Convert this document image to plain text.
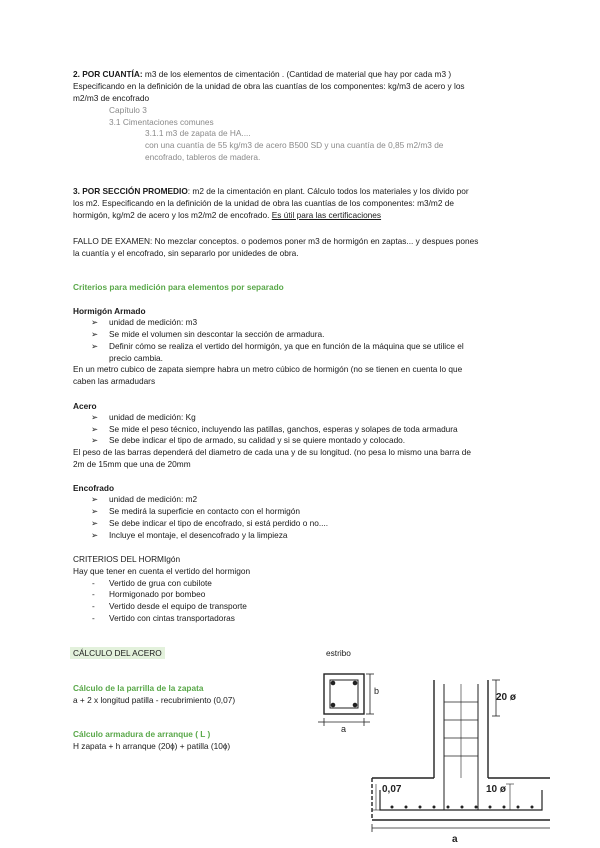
2. POR CUANTÍA: m3 de los elementos de cimentación . (Cantidad de material que hay por cada m3 )
Especificando en la definición de la unidad de obra las cuantías de los componentes: kg/m3 de acero y los
m2/m3 de encofrado
Capítulo 3
3.1 Cimentaciones comunes
3.1.1 m3 de zapata de HA....
con una cuantía de 55 kg/m3 de acero B500 SD y una cuantía de 0,85 m2/m3 de
encofrado, tableros de madera.
3. POR SECCIÓN PROMEDIO: m2 de la cimentación en plant. Cálculo todos los materiales y los divido por
los m2. Especificando en la definición de la unidad de obra las cuantías de los componentes: m3/m2 de
hormigón, kg/m2 de acero y los m2/m2 de encofrado. Es útil para las certificaciones
FALLO DE EXAMEN: No mezclar conceptos. o podemos poner m3 de hormigón en zaptas... y despues pones
la cuantía y el encofrado, sin separarlo por unidedes de obra.
Criterios para medición para elementos por separado
Hormigón Armado
➢ unidad de medición: m3
➢ Se mide el volumen sin descontar la sección de armadura.
➢ Definir cómo se realiza el vertido del hormigón, ya que en función de la máquina que se utilice el
precio cambia.
En un metro cubico de zapata siempre habra un metro cúbico de hormigón (no se tienen en cuenta lo que
caben las armadudars
Acero
➢ unidad de medición: Kg
➢ Se mide el peso técnico, incluyendo las patillas, ganchos, esperas y solapes de toda armadura
➢ Se debe indicar el tipo de armado, su calidad y si se quiere montado y colocado.
El peso de las barras dependerá del diametro de cada una y de su longitud. (no pesa lo mismo una barra de
2m de 15mm que una de 20mm
Encofrado
➢ unidad de medición: m2
➢ Se medirá la superficie en contacto con el hormigón
➢ Se debe indicar el tipo de encofrado, si está perdido o no....
➢ Incluye el montaje, el desencofrado y la limpieza
CRITERIOS DEL HORMIgón
Hay que tener en cuenta el vertido del hormigon
- Vertido de grua con cubilote
- Hormigonado por bombeo
- Vertido desde el equipo de transporte
- Vertido con cintas transportadoras
CÁLCULO DEL ACERO
Cálculo de la parrilla de la zapata
a + 2 x longitud patilla - recubrimiento (0,07)
Cálculo armadura de arranque ( L )
H zapata + h arranque (20ɸ) + patilla (10ɸ)
estribo
b
a
20 ø
0,07	10 ø
a
